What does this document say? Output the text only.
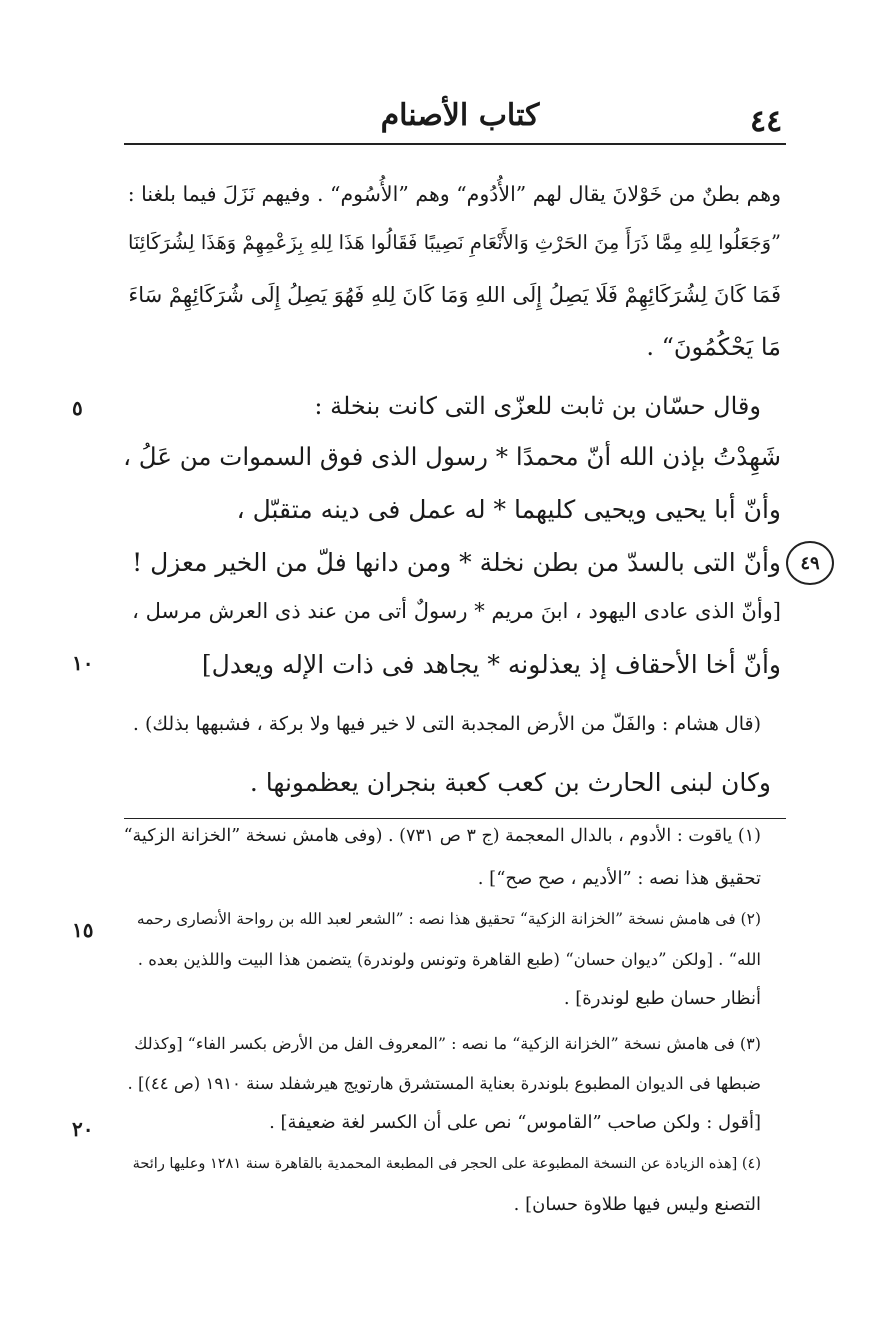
٤٤
كتاب الأصنام
وهم بطنٌ من خَوْلانَ يقال لهم ”الأُدُوم“ وهم ”الأُسُوم“ . وفيهم نَزَلَ فيما بلغنا :
”وَجَعَلُوا لِلهِ مِمَّا ذَرَأَ مِنَ الحَرْثِ وَالأَنْعَامِ نَصِيبًا فَقَالُوا هَذَا لِلهِ بِزَعْمِهِمْ وَهَذَا لِشُرَكَائِنَا
فَمَا كَانَ لِشُرَكَائِهِمْ فَلَا يَصِلُ إِلَى اللهِ وَمَا كَانَ لِلهِ فَهُوَ يَصِلُ إِلَى شُرَكَائِهِمْ سَاءَ
مَا يَحْكُمُونَ“ .
وقال حسّان بن ثابت للعزّى التى كانت بنخلة :
شَهِدْتُ بإذن الله أنّ محمدًا * رسول الذى فوق السموات من عَلُ ،
وأنّ أبا يحيى ويحيى كليهما * له عمل فى دينه متقبّل ،
وأنّ التى بالسدّ من بطن نخلة * ومن دانها فلّ من الخير معزل !
[وأنّ الذى عادى اليهود ، ابنَ مريم * رسولٌ أتى من عند ذى العرش مرسل ،
وأنّ أخا الأحقاف إذ يعذلونه * يجاهد فى ذات الإله ويعدل]
(قال هشام : والفَلّ من الأرض المجدبة التى لا خير فيها ولا بركة ، فشبهها بذلك) .
وكان لبنى الحارث بن كعب كعبة بنجران يعظمونها .
٥
١٠
١٥
٢٠
٤٩
(١) ياقوت : الأدوم ، بالدال المعجمة (ج ٣ ص ٧٣١) . (وفى هامش نسخة ”الخزانة الزكية“
تحقيق هذا نصه : ”الأديم ، صح صح“] .
(٢) فى هامش نسخة ”الخزانة الزكية“ تحقيق هذا نصه : ”الشعر لعبد الله بن رواحة الأنصارى رحمه
الله“ . [ولكن ”ديوان حسان“ (طبع القاهرة وتونس ولوندرة) يتضمن هذا البيت واللذين بعده .
أنظار حسان طبع لوندرة] .
(٣) فى هامش نسخة ”الخزانة الزكية“ ما نصه : ”المعروف الفل من الأرض بكسر الفاء“ [وكذلك
ضبطها فى الديوان المطبوع بلوندرة بعناية المستشرق هارتويج هيرشفلد سنة ١٩١٠ (ص ٤٤)] .
[أقول : ولكن صاحب ”القاموس“ نص على أن الكسر لغة ضعيفة] .
(٤) [هذه الزيادة عن النسخة المطبوعة على الحجر فى المطبعة المحمدية بالقاهرة سنة ١٢٨١ وعليها رائحة
التصنع وليس فيها طلاوة حسان] .
